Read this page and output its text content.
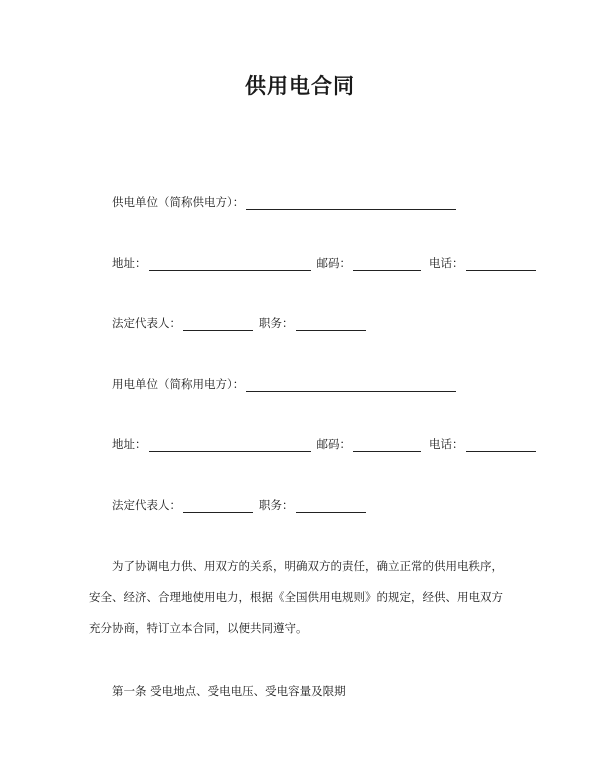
供用电合同
供电单位（简称供电方）：
地址：	邮码：	电话：
法定代表人：	职务：
用电单位（简称用电方）：
地址：	邮码：	电话：
法定代表人：	职务：
为了协调电力供、用双方的关系，明确双方的责任，确立正常的供用电秩序，
安全、经济、合理地使用电力，根据《全国供用电规则》的规定，经供、用电双方
充分协商，特订立本合同，以便共同遵守。
第一条 受电地点、受电电压、受电容量及限期
